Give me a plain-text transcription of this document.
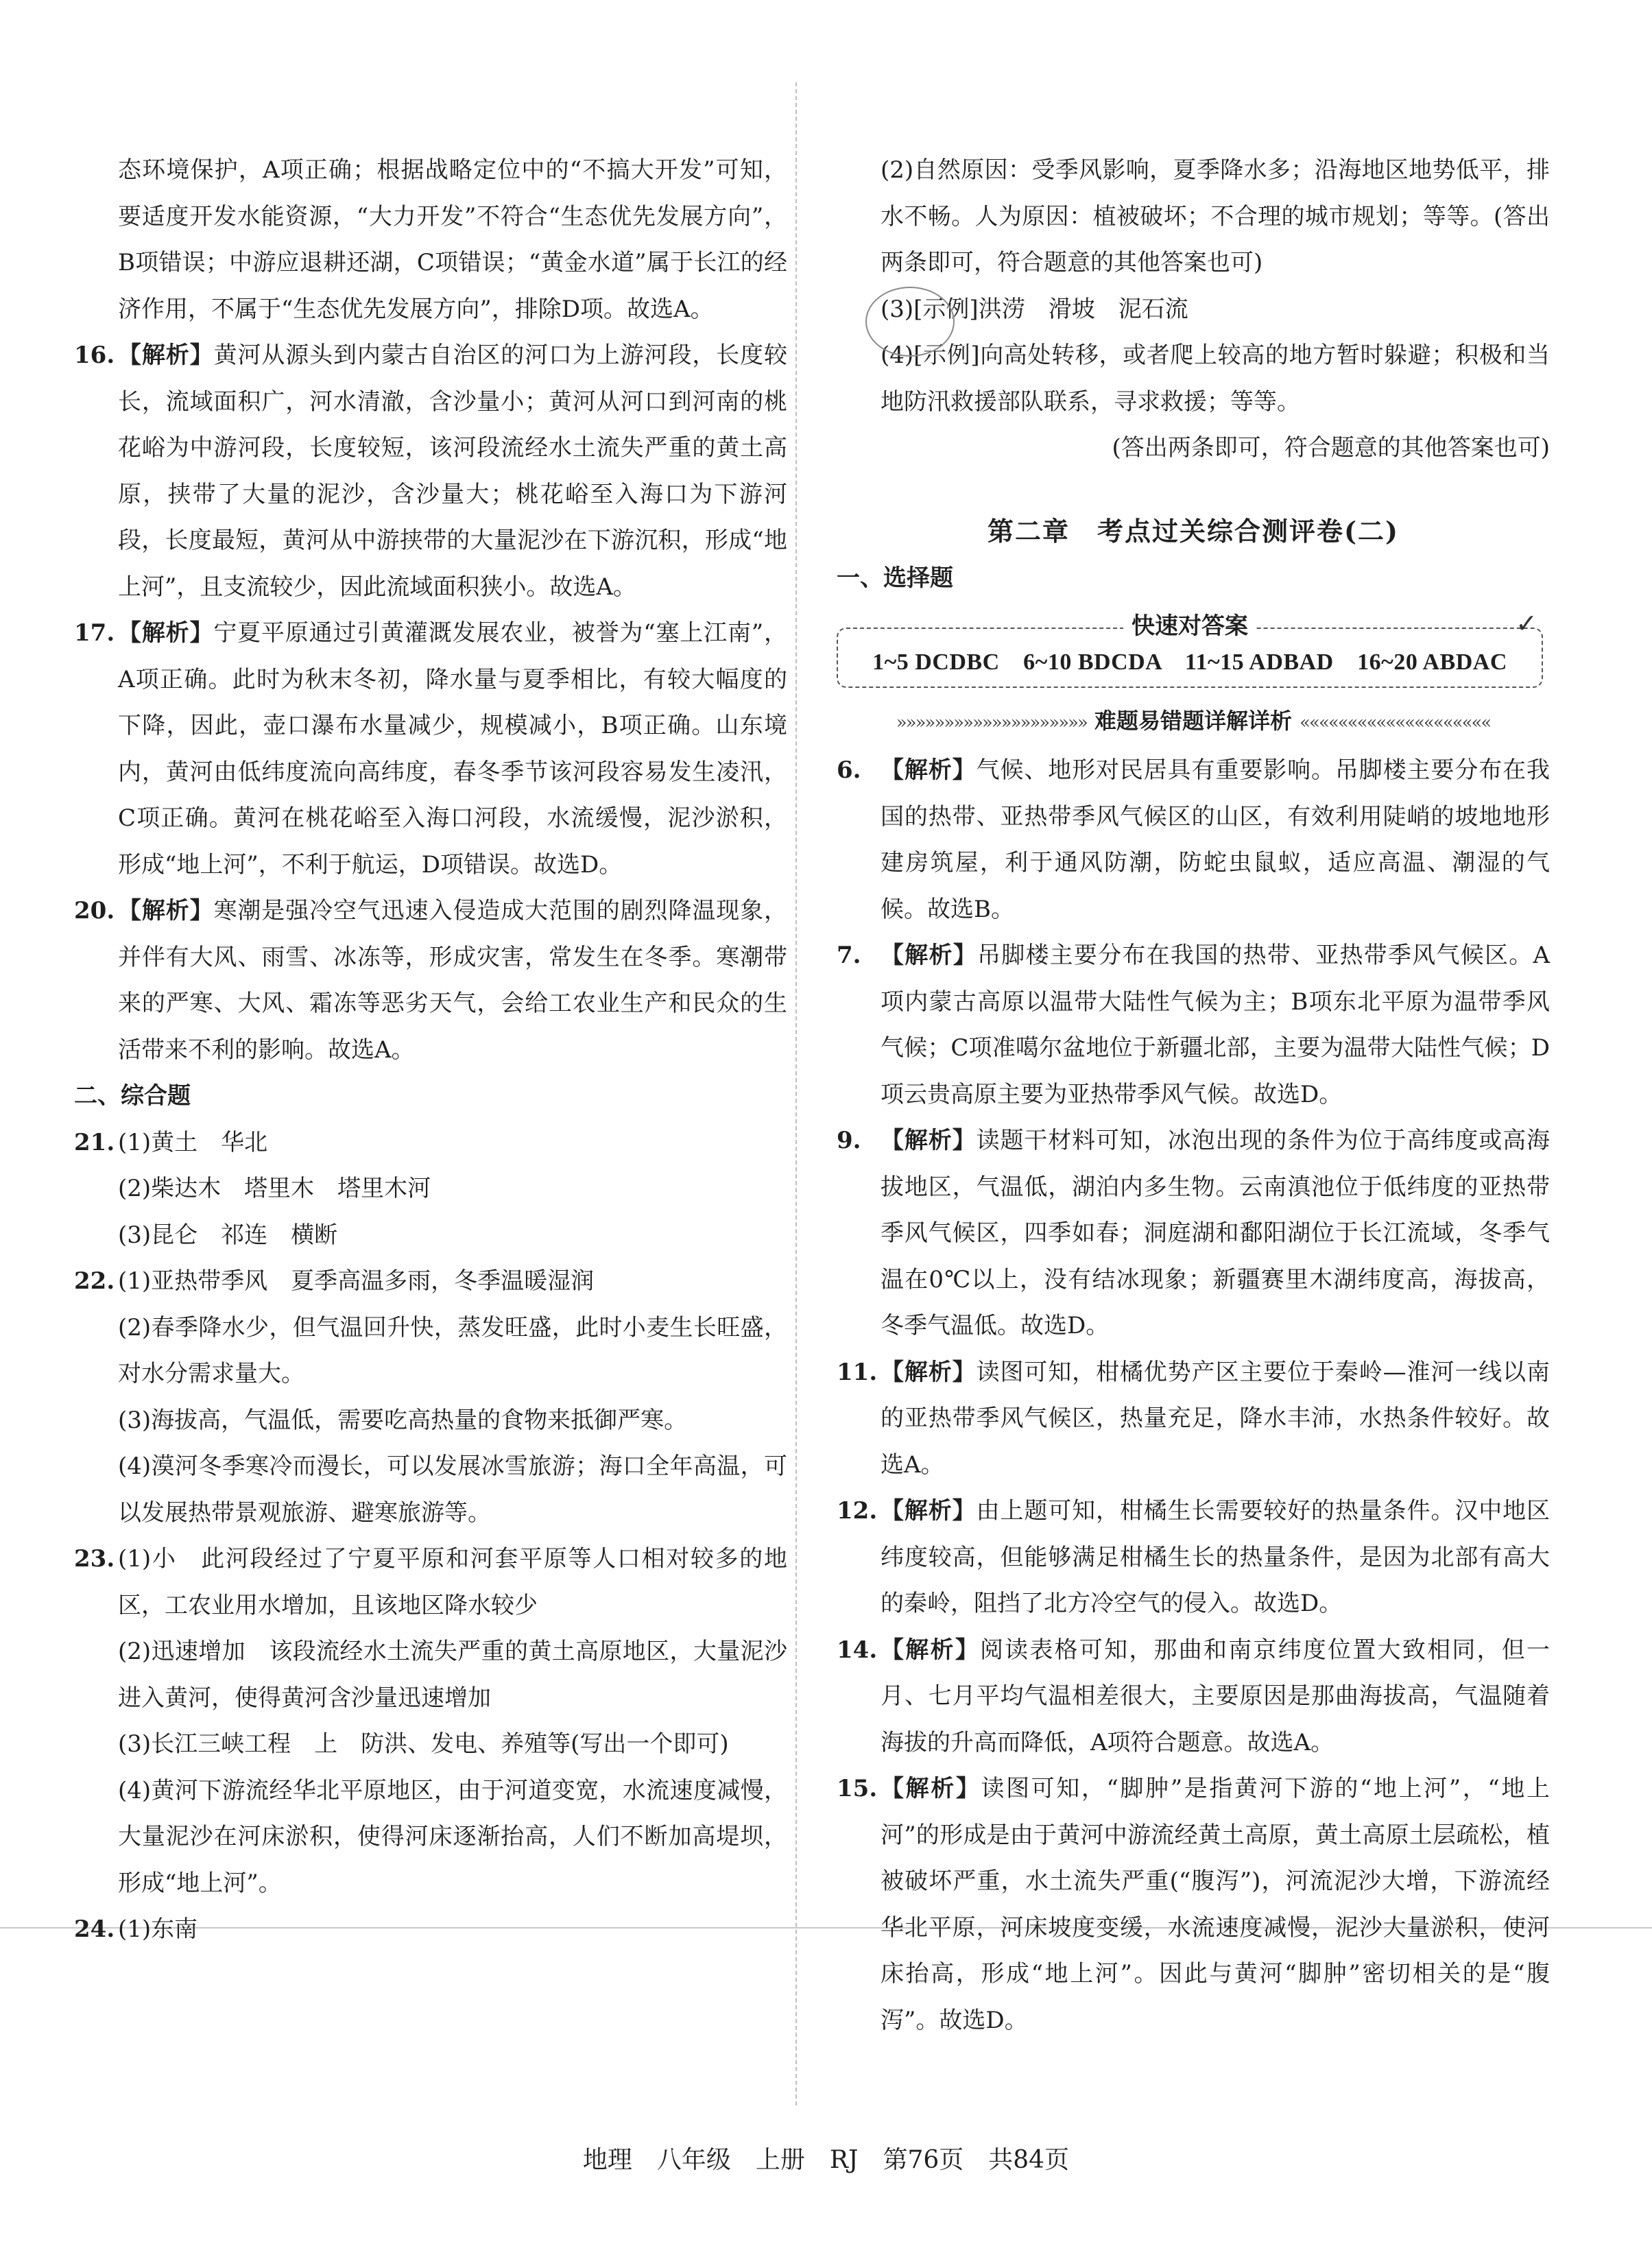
态环境保护，A项正确；根据战略定位中的“不搞大开发”可知，要适度开发水能资源，“大力开发”不符合“生态优先发展方向”，B项错误；中游应退耕还湖，C项错误；“黄金水道”属于长江的经济作用，不属于“生态优先发展方向”，排除D项。故选A。

16. 【解析】黄河从源头到内蒙古自治区的河口为上游河段，长度较长，流域面积广，河水清澈，含沙量小；黄河从河口到河南的桃花峪为中游河段，长度较短，该河段流经水土流失严重的黄土高原，挟带了大量的泥沙，含沙量大；桃花峪至入海口为下游河段，长度最短，黄河从中游挟带的大量泥沙在下游沉积，形成“地上河”，且支流较少，因此流域面积狭小。故选A。

17. 【解析】宁夏平原通过引黄灌溉发展农业，被誉为“塞上江南”，A项正确。此时为秋末冬初，降水量与夏季相比，有较大幅度的下降，因此，壶口瀑布水量减少，规模减小，B项正确。山东境内，黄河由低纬度流向高纬度，春冬季节该河段容易发生凌汛，C项正确。黄河在桃花峪至入海口河段，水流缓慢，泥沙淤积，形成“地上河”，不利于航运，D项错误。故选D。

20. 【解析】寒潮是强冷空气迅速入侵造成大范围的剧烈降温现象，并伴有大风、雨雪、冰冻等，形成灾害，常发生在冬季。寒潮带来的严寒、大风、霜冻等恶劣天气，会给工农业生产和民众的生活带来不利的影响。故选A。

二、综合题

21. (1)黄土　华北

(2)柴达木　塔里木　塔里木河

(3)昆仑　祁连　横断

22. (1)亚热带季风　夏季高温多雨，冬季温暖湿润

(2)春季降水少，但气温回升快，蒸发旺盛，此时小麦生长旺盛，对水分需求量大。

(3)海拔高，气温低，需要吃高热量的食物来抵御严寒。

(4)漠河冬季寒冷而漫长，可以发展冰雪旅游；海口全年高温，可以发展热带景观旅游、避寒旅游等。

23. (1)小　此河段经过了宁夏平原和河套平原等人口相对较多的地区，工农业用水增加，且该地区降水较少

(2)迅速增加　该段流经水土流失严重的黄土高原地区，大量泥沙进入黄河，使得黄河含沙量迅速增加

(3)长江三峡工程　上　防洪、发电、养殖等(写出一个即可)

(4)黄河下游流经华北平原地区，由于河道变宽，水流速度减慢，大量泥沙在河床淤积，使得河床逐渐抬高，人们不断加高堤坝，形成“地上河”。

24. (1)东南

(2)自然原因：受季风影响，夏季降水多；沿海地区地势低平，排水不畅。人为原因：植被破坏；不合理的城市规划；等等。(答出两条即可，符合题意的其他答案也可)

(3)[示例]洪涝　滑坡　泥石流

(4)[示例]向高处转移，或者爬上较高的地方暂时躲避；积极和当地防汛救援部队联系，寻求救援；等等。

(答出两条即可，符合题意的其他答案也可)

第二章　考点过关综合测评卷(二)

一、选择题

快速对答案	✓
1~5 DCDBC　6~10 BDCDA　11~15 ADBAD　16~20 ABDAC
»»»»»»»»»»»»»»»»»»»» 难题易错题详解详析 ««««««««««««««««««««
6. 【解析】气候、地形对民居具有重要影响。吊脚楼主要分布在我国的热带、亚热带季风气候区的山区，有效利用陡峭的坡地地形建房筑屋，利于通风防潮，防蛇虫鼠蚁，适应高温、潮湿的气候。故选B。

7. 【解析】吊脚楼主要分布在我国的热带、亚热带季风气候区。A项内蒙古高原以温带大陆性气候为主；B项东北平原为温带季风气候；C项准噶尔盆地位于新疆北部，主要为温带大陆性气候；D项云贵高原主要为亚热带季风气候。故选D。

9. 【解析】读题干材料可知，冰泡出现的条件为位于高纬度或高海拔地区，气温低，湖泊内多生物。云南滇池位于低纬度的亚热带季风气候区，四季如春；洞庭湖和鄱阳湖位于长江流域，冬季气温在0℃以上，没有结冰现象；新疆赛里木湖纬度高，海拔高，冬季气温低。故选D。

11. 【解析】读图可知，柑橘优势产区主要位于秦岭—淮河一线以南的亚热带季风气候区，热量充足，降水丰沛，水热条件较好。故选A。

12. 【解析】由上题可知，柑橘生长需要较好的热量条件。汉中地区纬度较高，但能够满足柑橘生长的热量条件，是因为北部有高大的秦岭，阻挡了北方冷空气的侵入。故选D。

14. 【解析】阅读表格可知，那曲和南京纬度位置大致相同，但一月、七月平均气温相差很大，主要原因是那曲海拔高，气温随着海拔的升高而降低，A项符合题意。故选A。

15. 【解析】读图可知，“脚肿”是指黄河下游的“地上河”，“地上河”的形成是由于黄河中游流经黄土高原，黄土高原土层疏松，植被破坏严重，水土流失严重(“腹泻”)，河流泥沙大增，下游流经华北平原，河床坡度变缓，水流速度减慢，泥沙大量淤积，使河床抬高，形成“地上河”。因此与黄河“脚肿”密切相关的是“腹泻”。故选D。

地理　八年级　上册　RJ　第76页　共84页
